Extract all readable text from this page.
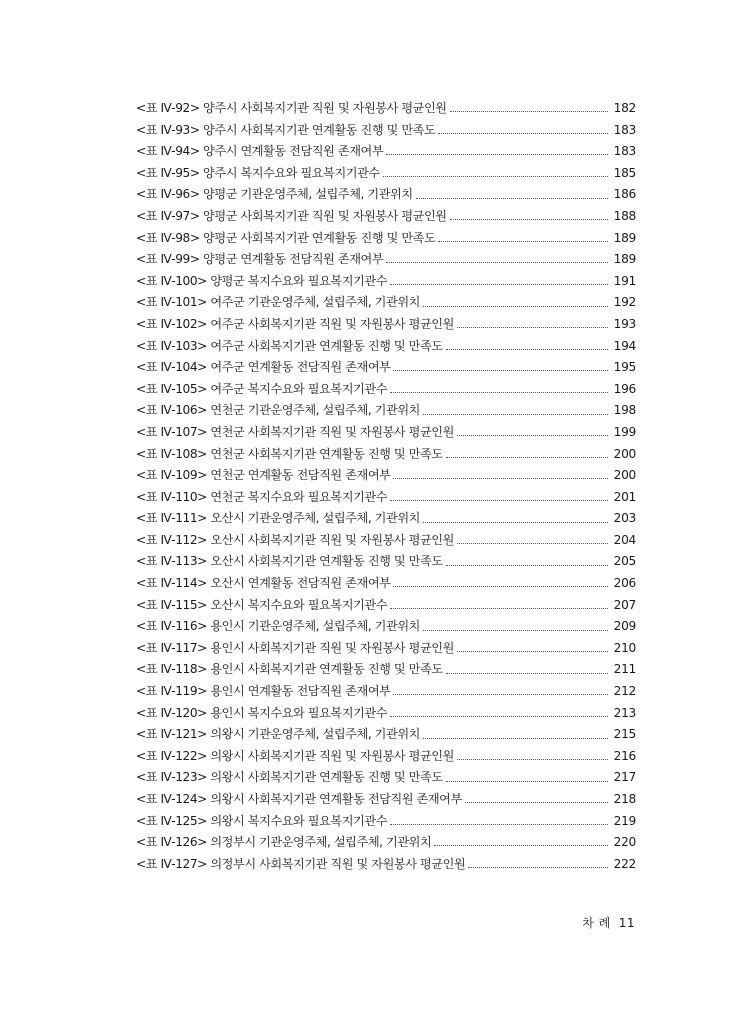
<표 Ⅳ-92> 양주시 사회복지기관 직원 및 자원봉사 평균인원	182
<표 Ⅳ-93> 양주시 사회복지기관 연계활동 진행 및 만족도	183
<표 Ⅳ-94> 양주시 연계활동 전담직원 존재여부	183
<표 Ⅳ-95> 양주시 복지수요와 필요복지기관수	185
<표 Ⅳ-96> 양평군 기관운영주체, 설립주체, 기관위치	186
<표 Ⅳ-97> 양평군 사회복지기관 직원 및 자원봉사 평균인원	188
<표 Ⅳ-98> 양평군 사회복지기관 연계활동 진행 및 만족도	189
<표 Ⅳ-99> 양평군 연계활동 전담직원 존재여부	189
<표 Ⅳ-100> 양평군 복지수요와 필요복지기관수	191
<표 Ⅳ-101> 여주군 기관운영주체, 설립주체, 기관위치	192
<표 Ⅳ-102> 여주군 사회복지기관 직원 및 자원봉사 평균인원	193
<표 Ⅳ-103> 여주군 사회복지기관 연계활동 진행 및 만족도	194
<표 Ⅳ-104> 여주군 연계활동 전담직원 존재여부	195
<표 Ⅳ-105> 여주군 복지수요와 필요복지기관수	196
<표 Ⅳ-106> 연천군 기관운영주체, 설립주체, 기관위치	198
<표 Ⅳ-107> 연천군 사회복지기관 직원 및 자원봉사 평균인원	199
<표 Ⅳ-108> 연천군 사회복지기관 연계활동 진행 및 만족도	200
<표 Ⅳ-109> 연천군 연계활동 전담직원 존재여부	200
<표 Ⅳ-110> 연천군 복지수요와 필요복지기관수	201
<표 Ⅳ-111> 오산시 기관운영주체, 설립주체, 기관위치	203
<표 Ⅳ-112> 오산시 사회복지기관 직원 및 자원봉사 평균인원	204
<표 Ⅳ-113> 오산시 사회복지기관 연계활동 진행 및 만족도	205
<표 Ⅳ-114> 오산시 연계활동 전담직원 존재여부	206
<표 Ⅳ-115> 오산시 복지수요와 필요복지기관수	207
<표 Ⅳ-116> 용인시 기관운영주체, 설립주체, 기관위치	209
<표 Ⅳ-117> 용인시 사회복지기관 직원 및 자원봉사 평균인원	210
<표 Ⅳ-118> 용인시 사회복지기관 연계활동 진행 및 만족도	211
<표 Ⅳ-119> 용인시 연계활동 전담직원 존재여부	212
<표 Ⅳ-120> 용인시 복지수요와 필요복지기관수	213
<표 Ⅳ-121> 의왕시 기관운영주체, 설립주체, 기관위치	215
<표 Ⅳ-122> 의왕시 사회복지기관 직원 및 자원봉사 평균인원	216
<표 Ⅳ-123> 의왕시 사회복지기관 연계활동 진행 및 만족도	217
<표 Ⅳ-124> 의왕시 사회복지기관 연계활동 전담직원 존재여부	218
<표 Ⅳ-125> 의왕시 복지수요와 필요복지기관수	219
<표 Ⅳ-126> 의정부시 기관운영주체, 설립주체, 기관위치	220
<표 Ⅳ-127> 의정부시 사회복지기관 직원 및 자원봉사 평균인원	222
차 례 11
